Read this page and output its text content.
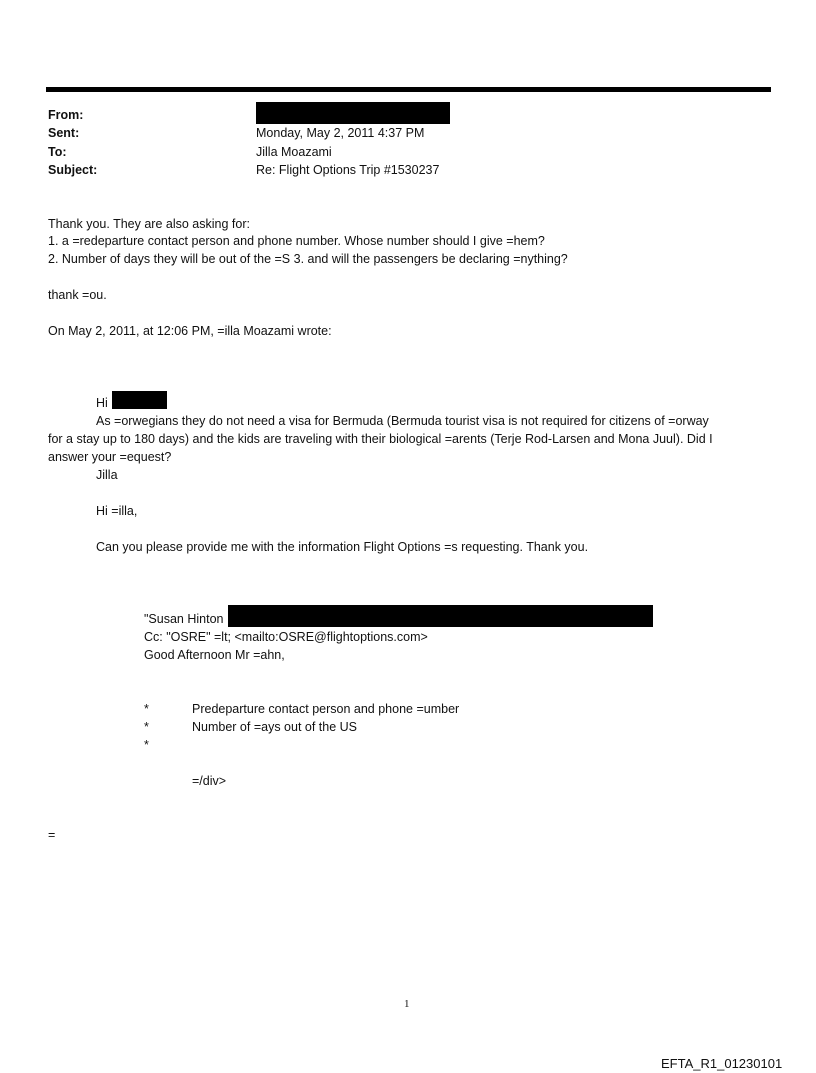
From:
Sent:	Monday, May 2, 2011 4:37 PM
To:	Jilla Moazami
Subject:	Re: Flight Options Trip #1530237
Thank you. They are also asking for:
1. a =redeparture contact person and phone number. Whose number should I give =hem?
2. Number of days they will be out of the =S 3. and will the passengers be declaring =nything?
thank =ou.
On May 2, 2011, at 12:06 PM, =illa Moazami wrote:
Hi
As =orwegians they do not need a visa for Bermuda (Bermuda tourist visa is not required for citizens of =orway
for a stay up to 180 days) and the kids are traveling with their biological =arents (Terje Rod-Larsen and Mona Juul). Did I
answer your =equest?
Jilla
Hi =illa,
Can you please provide me with the information Flight Options =s requesting. Thank you.
"Susan Hinton
Cc: "OSRE" =lt; <mailto:OSRE@flightoptions.com>
Good Afternoon Mr =ahn,
*	Predeparture contact person and phone =umber
*	Number of =ays out of the US
*
=/div>
=
1
EFTA_R1_01230101
